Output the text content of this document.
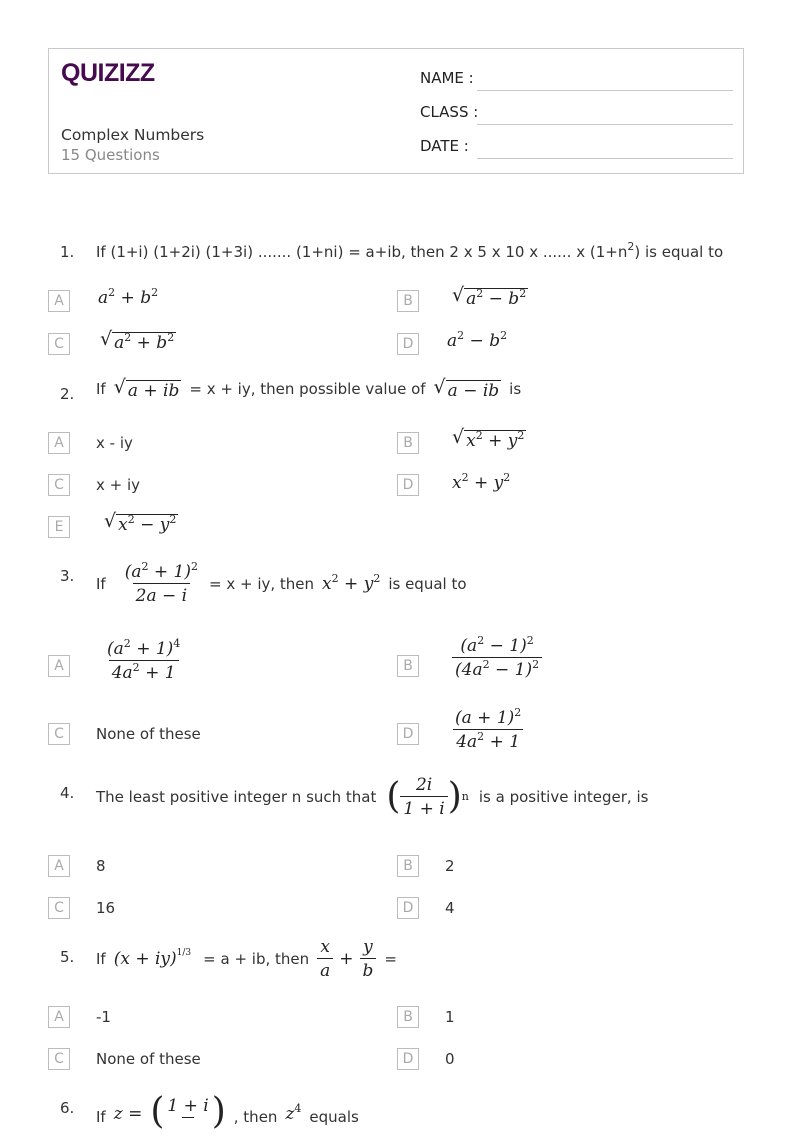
QUIZIZZ
Complex Numbers
15 Questions
NAME :
CLASS :
DATE :
1. If (1+i) (1+2i) (1+3i) ....... (1+ni) = a+ib, then 2 x 5 x 10 x ...... x $(1+n^2)$ is equal to
A	$a^2 + b^2$
B	√ $a^2 - b^2$
C	√ $a^2 + b^2$	D	$a^2 - b^2$
2. If √ a + ib = x + iy, then possible value of √ a − ib is
A	x - iy	B	√ $x^2 + y^2$
C	x + iy	D	$x^2 + y^2$
E	√ $x^2 - y^2$
3. If $\frac{(a^2 + 1)^2}{2a - i} = x$ + iy, then $x^2 + y^2$ is equal to
A	$\frac{(a^2 + 1)^4}{4a^2 + 1}$	B	$\frac{(a^2 - 1)^2}{(4a^2 - 1)^2}$
C	None of these	D	$\frac{(a + 1)^2}{4a^2 + 1}$
4. The least positive integer n such that ( $\frac{2i}{1 + i}$ ) n is a positive integer, is
A	8	B	2
C	16	D	4
5. If (x + iy)$^{1/3}$ = a + ib, then $\frac{x}{a} + \frac{y}{b}$ =
A	-1	B	1
C	None of these	D	0
6. If z = ( 1 + i
) , then $z^4$ equals
